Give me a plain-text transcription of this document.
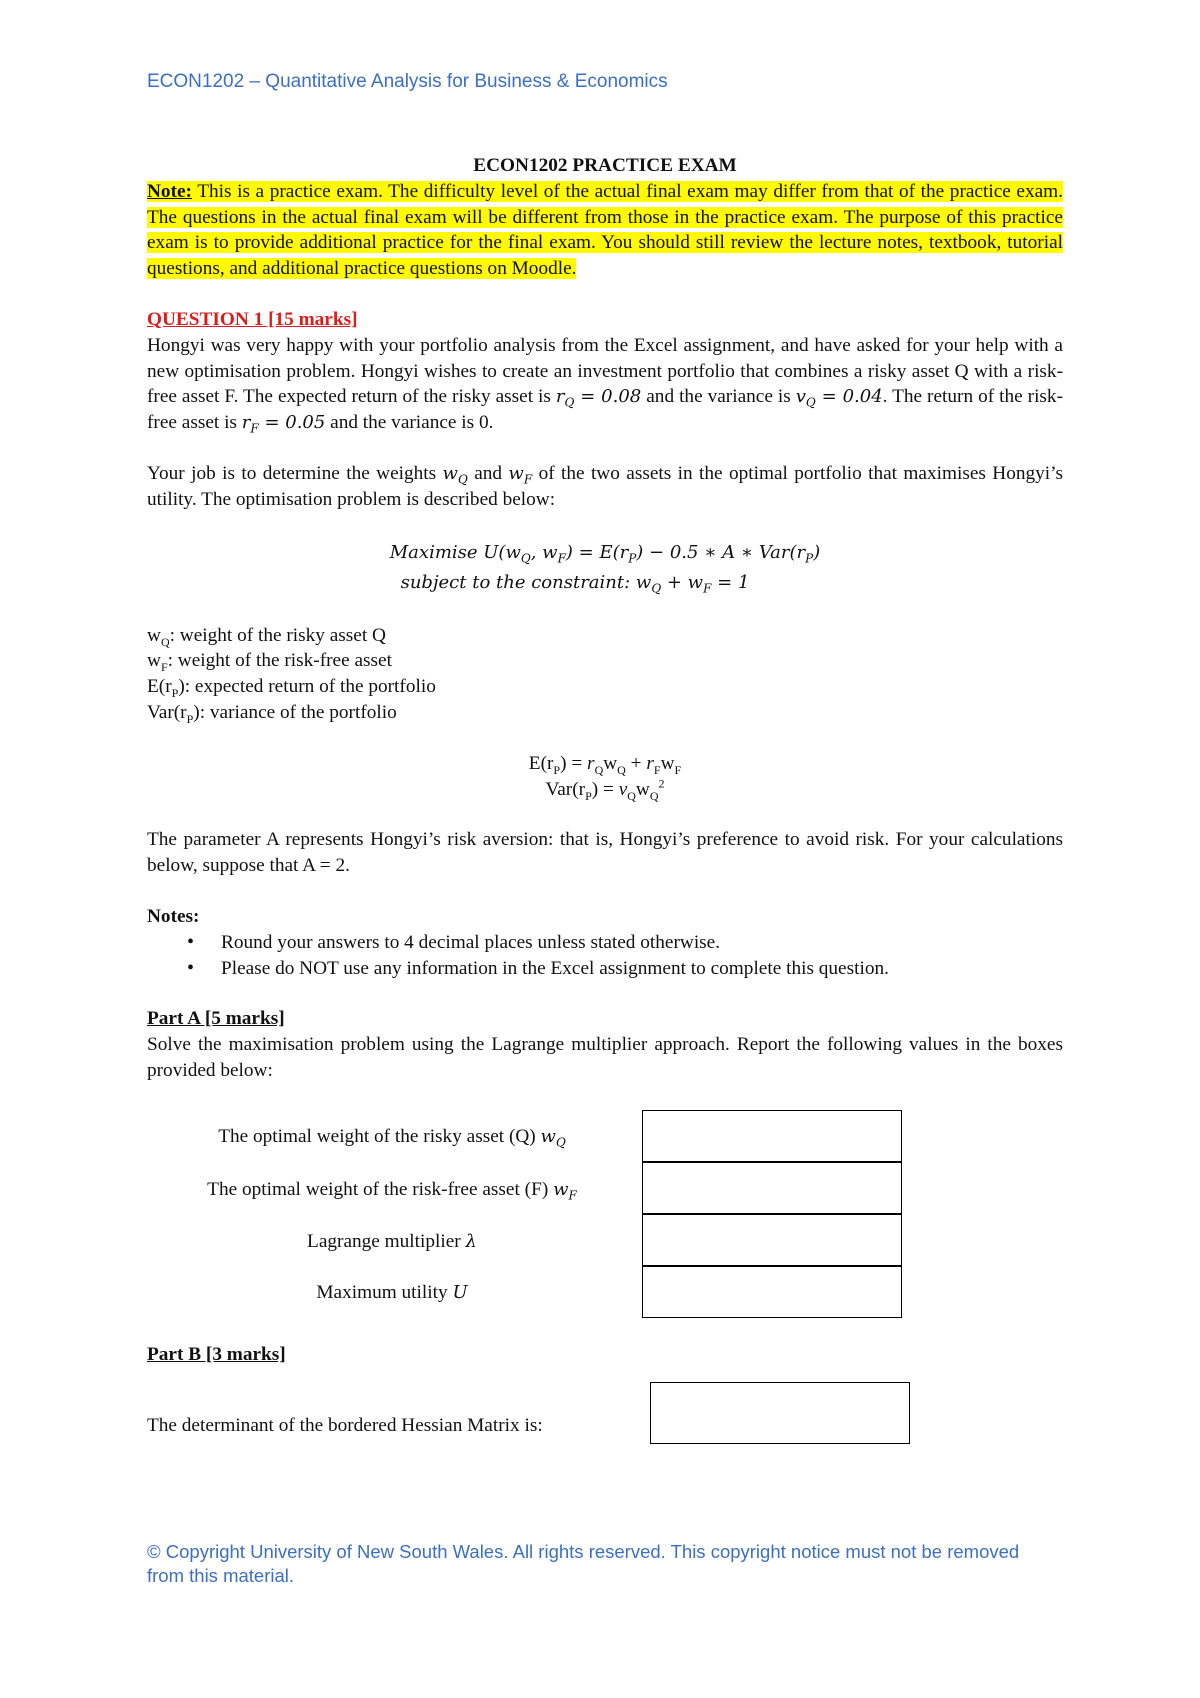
ECON1202 – Quantitative Analysis for Business & Economics
ECON1202 PRACTICE EXAM

Note: This is a practice exam. The difficulty level of the actual final exam may differ from that of the practice exam. The questions in the actual final exam will be different from those in the practice exam. The purpose of this practice exam is to provide additional practice for the final exam. You should still review the lecture notes, textbook, tutorial questions, and additional practice questions on Moodle.

QUESTION 1 [15 marks]

Hongyi was very happy with your portfolio analysis from the Excel assignment, and have asked for your help with a new optimisation problem. Hongyi wishes to create an investment portfolio that combines a risky asset Q with a risk-free asset F. The expected return of the risky asset is $r_Q = 0.08$ and the variance is $v_Q = 0.04$. The return of the risk-free asset is $r_F = 0.05$ and the variance is 0.

Your job is to determine the weights $w_Q$ and $w_F$ of the two assets in the optimal portfolio that maximises Hongyi’s utility. The optimisation problem is described below:

Maximise $U(w_Q$, $w_F) = E(r_P) - 0.5$ ∗ A ∗ $Var(r_P)$
subject to the constraint: $w_Q + w_F = 1$
$w_Q$: weight of the risky asset Q
$w_F$: weight of the risk-free asset
$E(r_P)$: expected return of the portfolio
$Var(r_P)$: variance of the portfolio
$E(r_P) = r_Qw_Q + r_Fw_F$
$Var(r_P) = v_Qw_Q^2$

The parameter A represents Hongyi’s risk aversion: that is, Hongyi’s preference to avoid risk. For your calculations below, suppose that A = 2.

Notes:
• Round your answers to 4 decimal places unless stated otherwise.
• Please do NOT use any information in the Excel assignment to complete this question.
Part A [5 marks]

Solve the maximisation problem using the Lagrange multiplier approach. Report the following values in the boxes provided below:

The optimal weight of the risky asset (Q) $w_Q$
The optimal weight of the risk-free asset (F) $w_F$
Lagrange multiplier λ
Maximum utility U
Part B [3 marks]
The determinant of the bordered Hessian Matrix is:
© Copyright University of New South Wales. All rights reserved. This copyright notice must not be removed from this material.
